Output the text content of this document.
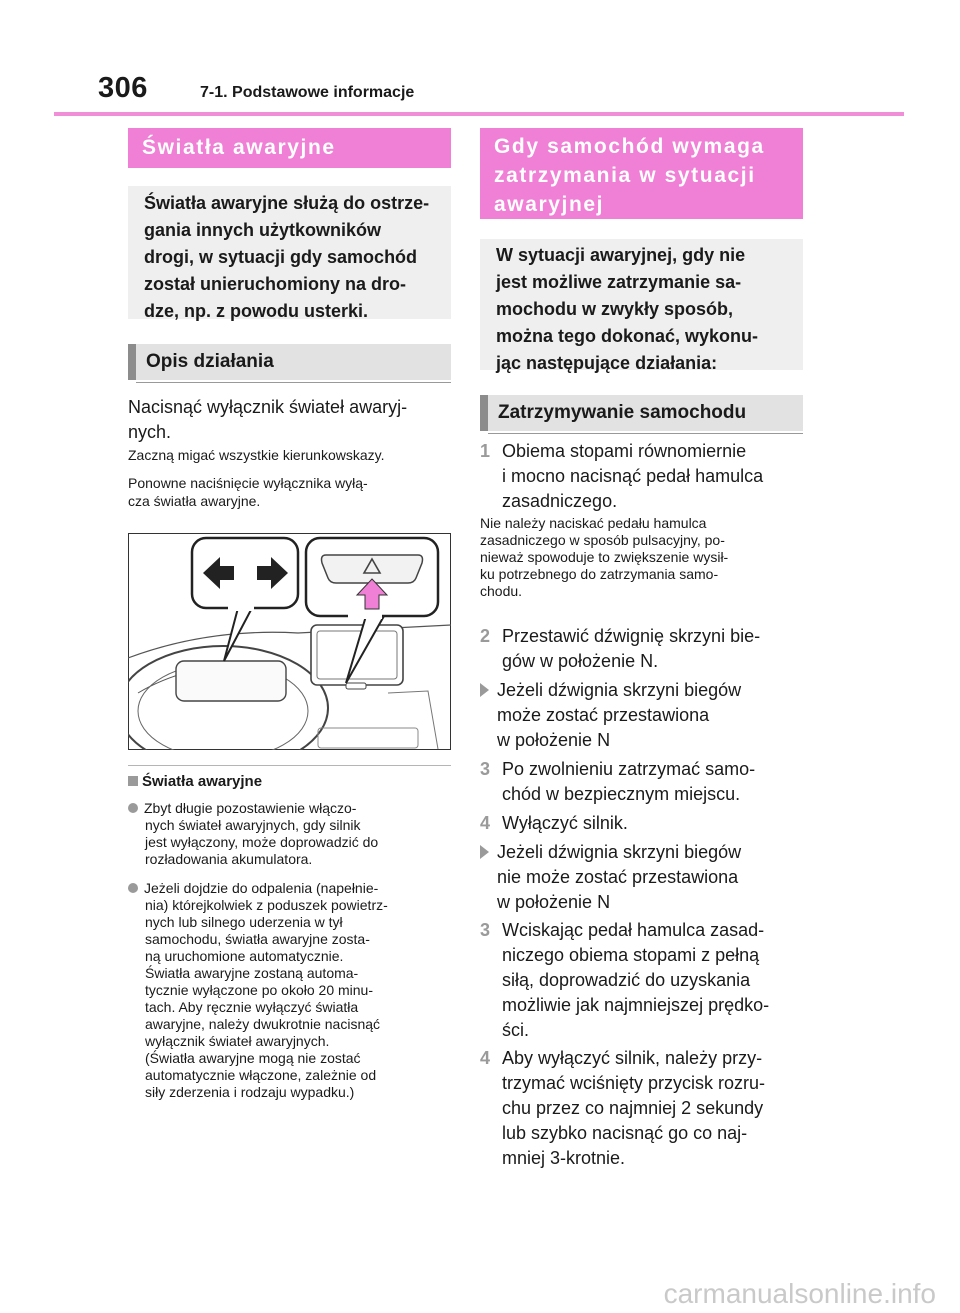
306	7-1. Podstawowe informacje
Światła awaryjne
Światła awaryjne służą do ostrze-
gania innych użytkowników
drogi, w sytuacji gdy samochód
został unieruchomiony na dro-
dze, np. z powodu usterki.
Opis działania
Nacisnąć wyłącznik świateł awaryj-
nych.
Zaczną migać wszystkie kierunkowskazy.
Ponowne naciśnięcie wyłącznika wyłą-
cza światła awaryjne.
Światła awaryjne
Zbyt długie pozostawienie włączo-
nych świateł awaryjnych, gdy silnik
jest wyłączony, może doprowadzić do
rozładowania akumulatora.
Jeżeli dojdzie do odpalenia (napełnie-
nia) którejkolwiek z poduszek powietrz-
nych lub silnego uderzenia w tył
samochodu, światła awaryjne zosta-
ną uruchomione automatycznie.
Światła awaryjne zostaną automa-
tycznie wyłączone po około 20 minu-
tach. Aby ręcznie wyłączyć światła
awaryjne, należy dwukrotnie nacisnąć
wyłącznik świateł awaryjnych.
(Światła awaryjne mogą nie zostać
automatycznie włączone, zależnie od
siły zderzenia i rodzaju wypadku.)
Gdy samochód wymaga
zatrzymania w sytuacji
awaryjnej
W sytuacji awaryjnej, gdy nie
jest możliwe zatrzymanie sa-
mochodu w zwykły sposób,
można tego dokonać, wykonu-
jąc następujące działania:
Zatrzymywanie samochodu
1 Obiema stopami równomiernie
i mocno nacisnąć pedał hamulca
zasadniczego.
Nie należy naciskać pedału hamulca
zasadniczego w sposób pulsacyjny, po-
nieważ spowoduje to zwiększenie wysił-
ku potrzebnego do zatrzymania samo-
chodu.
2 Przestawić dźwignię skrzyni bie-
gów w położenie N.
Jeżeli dźwignia skrzyni biegów
może zostać przestawiona
w położenie N
3 Po zwolnieniu zatrzymać samo-
chód w bezpiecznym miejscu.
4 Wyłączyć silnik.
Jeżeli dźwignia skrzyni biegów
nie może zostać przestawiona
w położenie N
3 Wciskając pedał hamulca zasad-
niczego obiema stopami z pełną
siłą, doprowadzić do uzyskania
możliwie jak najmniejszej prędko-
ści.
4 Aby wyłączyć silnik, należy przy-
trzymać wciśnięty przycisk rozru-
chu przez co najmniej 2 sekundy
lub szybko nacisnąć go co naj-
mniej 3-krotnie.
carmanualsonline.info
